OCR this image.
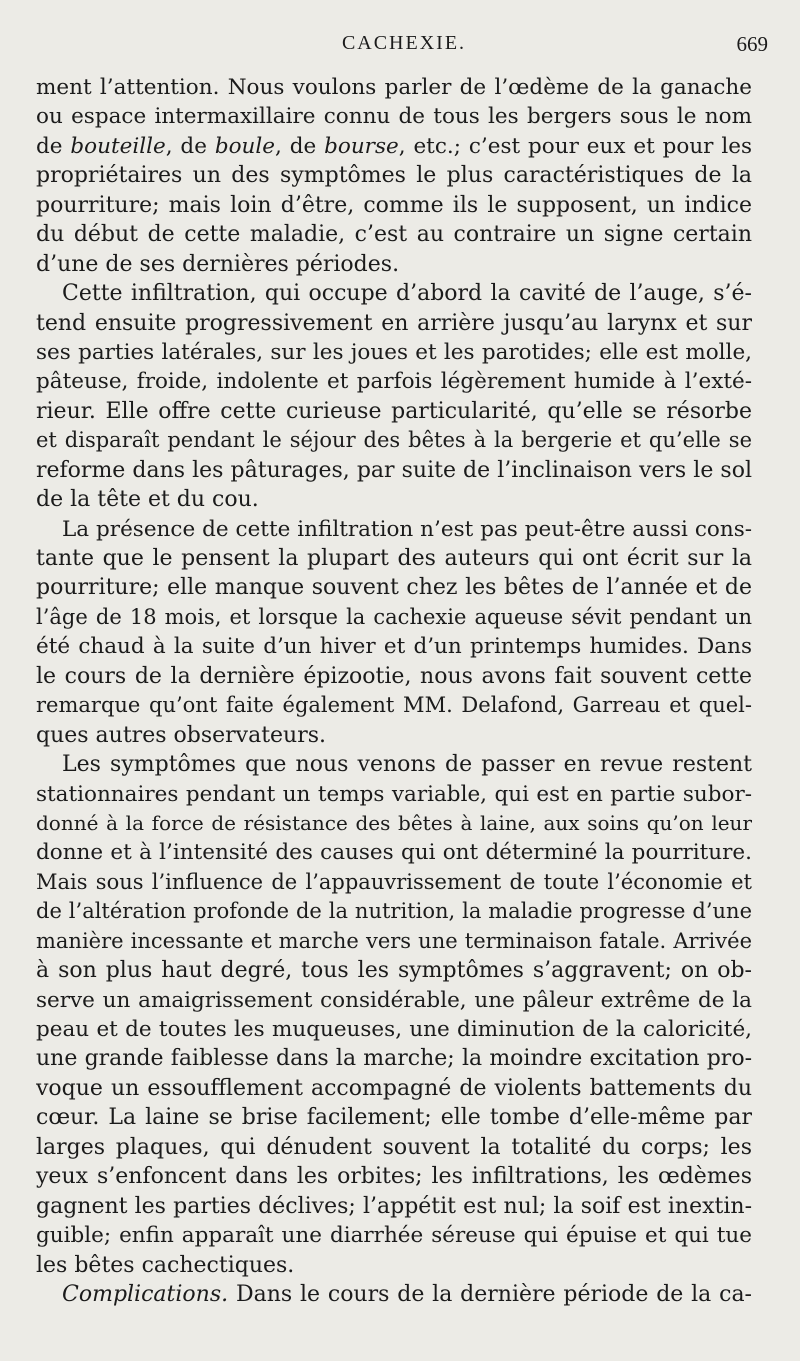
CACHEXIE.	669
ment l’attention. Nous voulons parler de l’œdème de la ganache
ou espace intermaxillaire connu de tous les bergers sous le nom
de bouteille, de boule, de bourse, etc.; c’est pour eux et pour les
propriétaires un des symptômes le plus caractéristiques de la
pourriture; mais loin d’être, comme ils le supposent, un indice
du début de cette maladie, c’est au contraire un signe certain
d’une de ses dernières périodes.
Cette infiltration, qui occupe d’abord la cavité de l’auge, s’é-
tend ensuite progressivement en arrière jusqu’au larynx et sur
ses parties latérales, sur les joues et les parotides; elle est molle,
pâteuse, froide, indolente et parfois légèrement humide à l’exté-
rieur. Elle offre cette curieuse particularité, qu’elle se résorbe
et disparaît pendant le séjour des bêtes à la bergerie et qu’elle se
reforme dans les pâturages, par suite de l’inclinaison vers le sol
de la tête et du cou.
La présence de cette infiltration n’est pas peut-être aussi cons-
tante que le pensent la plupart des auteurs qui ont écrit sur la
pourriture; elle manque souvent chez les bêtes de l’année et de
l’âge de 18 mois, et lorsque la cachexie aqueuse sévit pendant un
été chaud à la suite d’un hiver et d’un printemps humides. Dans
le cours de la dernière épizootie, nous avons fait souvent cette
remarque qu’ont faite également MM. Delafond, Garreau et quel-
ques autres observateurs.
Les symptômes que nous venons de passer en revue restent
stationnaires pendant un temps variable, qui est en partie subor-
donné à la force de résistance des bêtes à laine, aux soins qu’on leur
donne et à l’intensité des causes qui ont déterminé la pourriture.
Mais sous l’influence de l’appauvrissement de toute l’économie et
de l’altération profonde de la nutrition, la maladie progresse d’une
manière incessante et marche vers une terminaison fatale. Arrivée
à son plus haut degré, tous les symptômes s’aggravent; on ob-
serve un amaigrissement considérable, une pâleur extrême de la
peau et de toutes les muqueuses, une diminution de la caloricité,
une grande faiblesse dans la marche; la moindre excitation pro-
voque un essoufflement accompagné de violents battements du
cœur. La laine se brise facilement; elle tombe d’elle-même par
larges plaques, qui dénudent souvent la totalité du corps; les
yeux s’enfoncent dans les orbites; les infiltrations, les œdèmes
gagnent les parties déclives; l’appétit est nul; la soif est inextin-
guible; enfin apparaît une diarrhée séreuse qui épuise et qui tue
les bêtes cachectiques.
Complications. Dans le cours de la dernière période de la ca-
